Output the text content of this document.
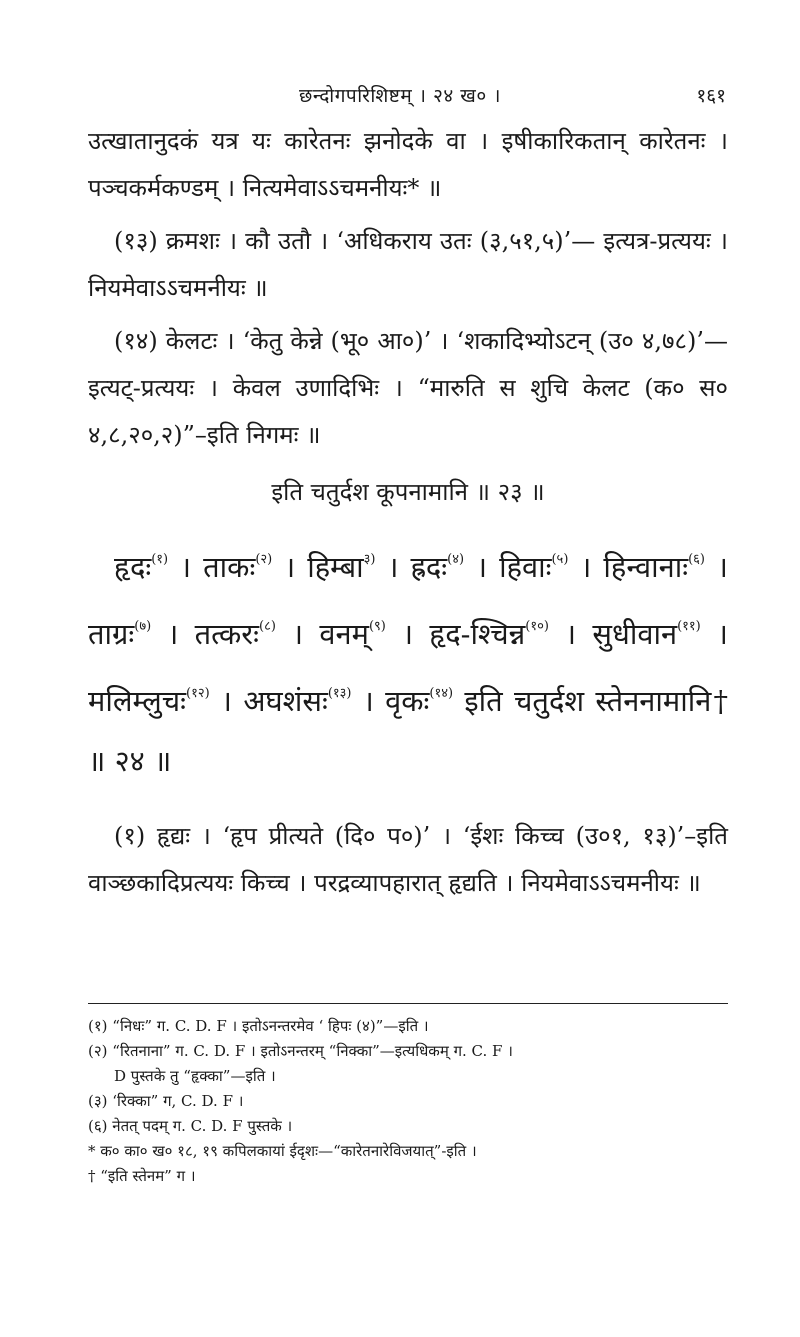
छन्दोगपरिशिष्टम् । २४ ख० ।	१६१

उत्खातानुदकं यत्र यः कारेतनः झनोदके वा । इषीकारिकतान् कारेतनः । पञ्चकर्मकण्डम् । नित्यमेवाऽऽचमनीयः* ॥

(१३) क्रमशः । कौ उतौ । ‘अधिकराय उतः (३,५१,५)’— इत्यत्र-प्रत्ययः । नियमेवाऽऽचमनीयः ॥

(१४) केलटः । ‘केतु केन्ने (भू० आ०)’ । ‘शकादिभ्योऽटन् (उ० ४,७८)’—इत्यट्-प्रत्ययः । केवल उणादिभिः । “मारुति स शुचि केलट (क० स० ४,८,२०,२)”–इति निगमः ॥

इति चतुर्दश कूपनामानि ॥ २३ ॥

हृदः$^{(१)}$ । ताकः$^{(२)}$ । हिम्बा$^{३)}$ । ह्रदः$^{(४)}$ । हिवाः$^{(५)}$ । हिन्वानाः$^{(६)}$ । ताग्रः$^{(७)}$ । तत्करः$^{(८)}$ । वनम्$^{(९)}$ । हृद-श्चिन्न$^{(१०)}$ । सुधीवान$^{(११)}$ । मलिम्लुचः$^{(१२)}$ । अघशंसः$^{(१३)}$ । वृकः$^{(१४)}$ इति चतुर्दश स्तेननामानि† ॥ २४ ॥

(१) हृद्यः । ‘हृप प्रीत्यते (दि० प०)’ । ‘ईशः किच्च (उ०१, १३)’–इति वाञ्छकादिप्रत्ययः किच्च । परद्रव्यापहारात् हृद्यति । नियमेवाऽऽचमनीयः ॥

(१) “निधः” ग. C. D. F । इतोऽनन्तरमेव ‘ हिपः (४)”—इति ।

(२) “रितनाना” ग. C. D. F । इतोऽनन्तरम् “निक्का”—इत्यधिकम् ग. C. F ।

D पुस्तके तु “हृक्का”—इति ।

(३) ‘रिक्का” ग, C. D. F ।

(६) नेतत् पदम् ग. C. D. F पुस्तके ।

* क० का० ख० १८, १९ कपिलकायां ईदृशः—“कारेतनारेविजयात्”-इति ।

† “इति स्तेनम” ग ।
